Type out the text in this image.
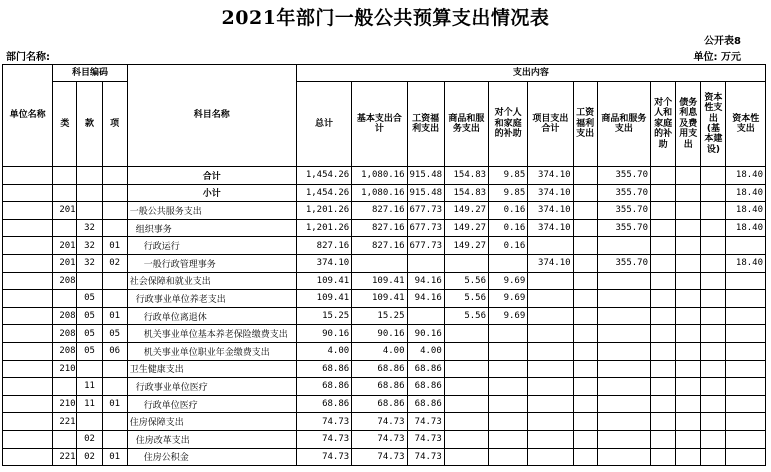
2021年部门一般公共预算支出情况表
公开表8
部门名称:	单位: 万元
单位名称	科目编码			科目名称	支出内容											
	类	款	项		总计	基本支出合计	工资福利支出	商品和服务支出	对个人和家庭的补助	项目支出合计	工资福利支出	商品和服务支出	对个人和家庭的补助	债务利息及费用支出	资本性支出(基本建设)	资本性支出
				合计	1,454.26	1,080.16	915.48	154.83	9.85	374.10		355.70				18.40
				小计	1,454.26	1,080.16	915.48	154.83	9.85	374.10		355.70				18.40
	201			一般公共服务支出	1,201.26	827.16	677.73	149.27	0.16	374.10		355.70				18.40
		32		组织事务	1,201.26	827.16	677.73	149.27	0.16	374.10		355.70				18.40
	201	32	01	行政运行	827.16	827.16	677.73	149.27	0.16							
	201	32	02	一般行政管理事务	374.10					374.10		355.70				18.40
	208			社会保障和就业支出	109.41	109.41	94.16	5.56	9.69							
		05		行政事业单位养老支出	109.41	109.41	94.16	5.56	9.69							
	208	05	01	行政单位离退休	15.25	15.25		5.56	9.69							
	208	05	05	机关事业单位基本养老保险缴费支出	90.16	90.16	90.16									
	208	05	06	机关事业单位职业年金缴费支出	4.00	4.00	4.00									
	210			卫生健康支出	68.86	68.86	68.86									
		11		行政事业单位医疗	68.86	68.86	68.86									
	210	11	01	行政单位医疗	68.86	68.86	68.86									
	221			住房保障支出	74.73	74.73	74.73									
		02		住房改革支出	74.73	74.73	74.73									
	221	02	01	住房公积金	74.73	74.73	74.73									
